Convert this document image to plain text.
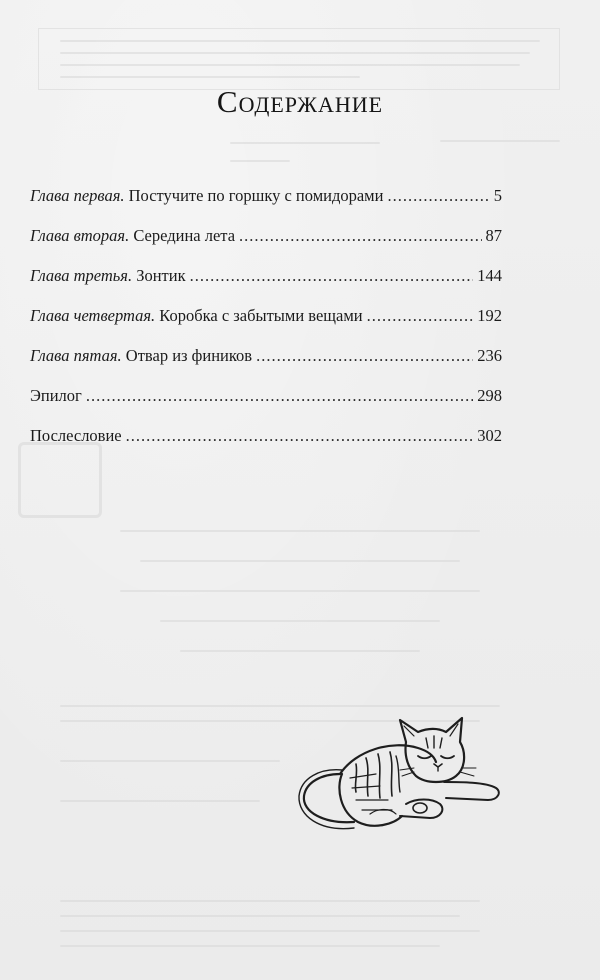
Содержание
Глава первая. Постучите по горшку с помидорами .....	5
Глава вторая. Середина лета .....	87
Глава третья. Зонтик .....	144
Глава четвертая. Коробка с забытыми вещами .....	192
Глава пятая. Отвар из фиников .....	236
Эпилог .....	298
Послесловие .....	302
